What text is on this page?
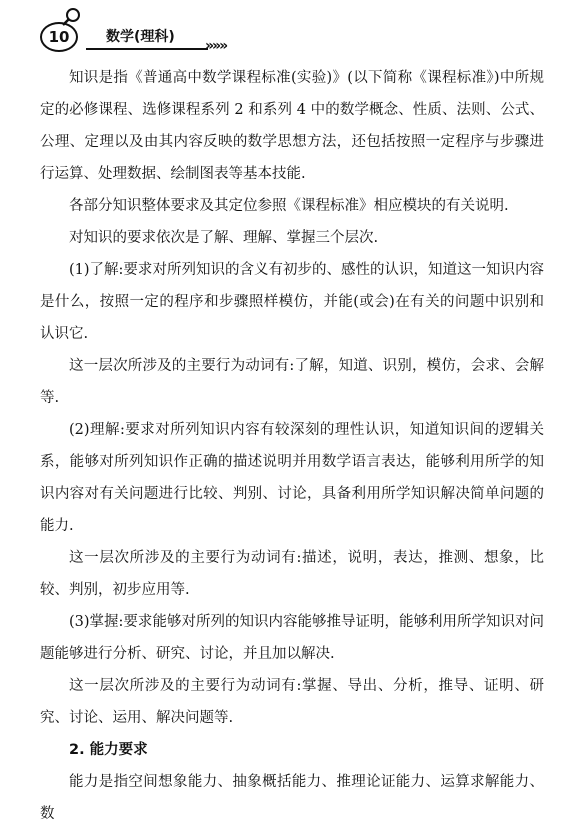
10	数学(理科)
»»»

知识是指《普通高中数学课程标准(实验)》(以下简称《课程标准》)中所规定的必修课程、选修课程系列 2 和系列 4 中的数学概念、性质、法则、公式、公理、定理以及由其内容反映的数学思想方法，还包括按照一定程序与步骤进行运算、处理数据、绘制图表等基本技能.

各部分知识整体要求及其定位参照《课程标准》相应模块的有关说明.

对知识的要求依次是了解、理解、掌握三个层次.

(1)了解:要求对所列知识的含义有初步的、感性的认识，知道这一知识内容是什么，按照一定的程序和步骤照样模仿，并能(或会)在有关的问题中识别和认识它.

这一层次所涉及的主要行为动词有:了解，知道、识别，模仿，会求、会解等.

(2)理解:要求对所列知识内容有较深刻的理性认识，知道知识间的逻辑关系，能够对所列知识作正确的描述说明并用数学语言表达，能够利用所学的知识内容对有关问题进行比较、判别、讨论，具备利用所学知识解决简单问题的能力.

这一层次所涉及的主要行为动词有:描述，说明，表达，推测、想象，比较、判别，初步应用等.

(3)掌握:要求能够对所列的知识内容能够推导证明，能够利用所学知识对问题能够进行分析、研究、讨论，并且加以解决.

这一层次所涉及的主要行为动词有:掌握、导出、分析，推导、证明、研究、讨论、运用、解决问题等.

2. 能力要求

能力是指空间想象能力、抽象概括能力、推理论证能力、运算求解能力、数
